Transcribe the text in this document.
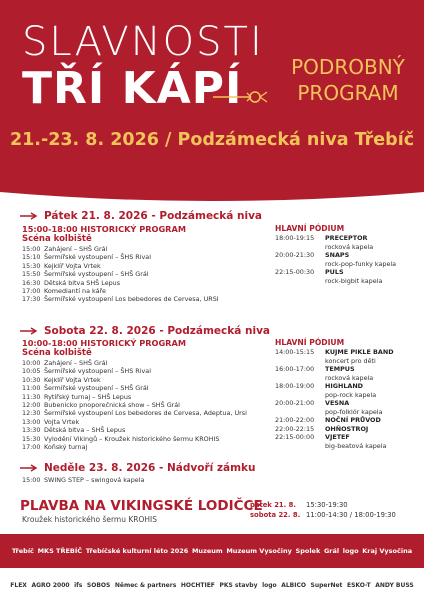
SLAVNOSTI
TŘÍ KÁPÍ PODROBNÝ
PROGRAM
21.-23. 8. 2026 / Podzámecká niva Třebíč
Pátek 21. 8. 2026 - Podzámecká niva
15:00-18:00 HISTORICKÝ PROGRAM
Scéna kolbiště
15:00 Zahájení – SHŠ Grál
15:10 Šermířské vystoupení – ŠHS Rival
15:30 Kejklíř Vojta Vrtek
15:50 Šermířské vystoupení – SHŠ Grál
16:30 Dětská bitva SHŠ Lepus
17:00 Komediantí na káře
17:30 Šermířské vystoupení Los bebedores de Cervesa, URSI
HLAVNÍ PÓDIUM
18:00-19:15	PRECEPTOR
rocková kapela
20:00-21:30	SNAPS
rock-pop-funky kapela
22:15-00:30	PULS
rock-bigbit kapela
Sobota 22. 8. 2026 - Podzámecká niva
10:00-18:00 HISTORICKÝ PROGRAM
Scéna kolbiště
10:00 Zahájení – SHŠ Grál
10:05 Šermířské vystoupení – ŠHS Rival
10:30 Kejklíř Vojta Vrtek
11:00 Šermířské vystoupení – SHŠ Grál
11:30 Rytířský turnaj – SHŠ Lepus
12:00 Bubenicko pnoporečnická show – SHŠ Grál
12:30 Šermířské vystoupení Los bebedores de Cervesa, Adeptua, Ursi
13:00 Vojta Vrtek
13:30 Dětská bitva – SHŠ Lepus
15:30 Vylodění Vikingů – Kroužek historického šermu KROHIS
17:00 Koňský turnaj
HLAVNÍ PÓDIUM
14:00-15:15	KUJME PIKLE BAND
koncert pro děti
16:00-17:00	TEMPUS
rocková kapela
18:00-19:00	HIGHLAND
pop-rock kapela
20:00-21:00	VESNA
pop-folklór kapela
21:00-22:00	NOČNÍ PRŮVOD
22:00-22:15	OHŇOSTROJ
22:15-00:00	VJETEF
big-beatová kapela
Neděle 23. 8. 2026 - Nádvoří zámku
15:00 SWING STEP – swingová kapela
PLAVBA NA VIKINGSKÉ LODIČCE
Kroužek historického šermu KROHIS
pátek 21. 8. 15:30-19:30
sobota 22. 8. 11:00-14:30 / 18:00-19:30
Třebíč MKS TŘEBÍČ Třebíčské kulturní léto 2026 Muzeum Muzeum Vysočiny Spolek Grál logo Kraj Vysočina
FLEX AGRO 2000 ifs SOBOS Němec & partners HOCHTIEF PKS stavby logo ALBICO SuperNet ESKO-T ANDY BUSS
